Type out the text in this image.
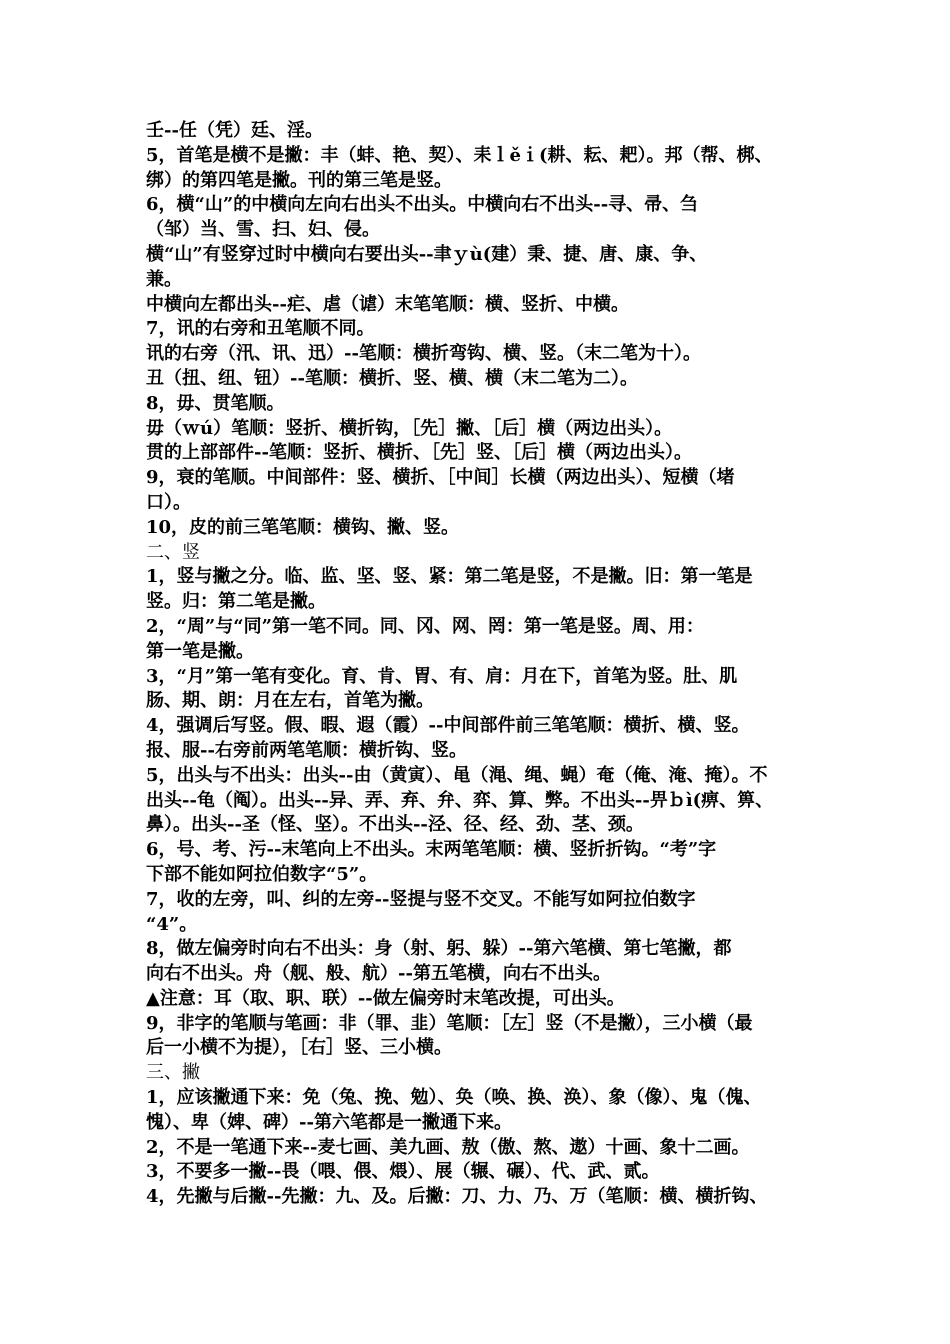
壬--任（凭）廷、淫。
5，首笔是横不是撇：丰（蚌、艳、契）、耒ｌěｉ(耕、耘、耙）。邦（帮、梆、
绑）的第四笔是撇。刊的第三笔是竖。
6，横“山”的中横向左向右出头不出头。中横向右不出头--寻、帚、刍
（邹）当、雪、扫、妇、侵。
横“山”有竖穿过时中横向右要出头--聿ｙù(建）秉、捷、唐、康、争、
兼。
中横向左都出头--疟、虐（谑）末笔笔顺：横、竖折、中横。
7，讯的右旁和丑笔顺不同。
讯的右旁（汛、讯、迅）--笔顺：横折弯钩、横、竖。（末二笔为十）。
丑（扭、纽、钮）--笔顺：横折、竖、横、横（末二笔为二）。
8，毋、贯笔顺。
毋（ｗú）笔顺：竖折、横折钩，［先］撇、［后］横（两边出头）。
贯的上部部件--笔顺：竖折、横折、［先］竖、［后］横（两边出头）。
9，衰的笔顺。中间部件：竖、横折、［中间］长横（两边出头）、短横（堵
口）。
10，皮的前三笔笔顺：横钩、撇、竖。
二、竖
1，竖与撇之分。临、监、坚、竖、紧：第二笔是竖，不是撇。旧：第一笔是
竖。归：第二笔是撇。
2，“周”与“同”第一笔不同。同、冈、网、罔：第一笔是竖。周、用：
第一笔是撇。
3，“月”第一笔有变化。育、肯、胃、有、肩：月在下，首笔为竖。肚、肌
肠、期、朗：月在左右，首笔为撇。
4，强调后写竖。假、暇、遐（霞）--中间部件前三笔笔顺：横折、横、竖。
报、服--右旁前两笔笔顺：横折钩、竖。
5，出头与不出头：出头--由（黄寅）、黾（渑、绳、蝇）奄（俺、淹、掩）。不
出头--龟（阄）。出头--异、弄、弃、弁、弈、算、弊。不出头--畀ｂì(痹、箅、
鼻）。出头--圣（怪、坚）。不出头--泾、径、经、劲、茎、颈。
6，号、考、污--末笔向上不出头。末两笔笔顺：横、竖折折钩。“考”字
下部不能如阿拉伯数字“5”。
7，收的左旁，叫、纠的左旁--竖提与竖不交叉。不能写如阿拉伯数字
“4”。
8，做左偏旁时向右不出头：身（射、躬、躲）--第六笔横、第七笔撇，都
向右不出头。舟（舰、般、航）--第五笔横，向右不出头。
▲注意：耳（取、职、联）--做左偏旁时末笔改提，可出头。
9，非字的笔顺与笔画：非（罪、韭）笔顺：［左］竖（不是撇），三小横（最
后一小横不为提），［右］竖、三小横。
三、撇
1，应该撇通下来：免（兔、挽、勉）、奂（唤、换、涣）、象（像）、鬼（傀、
愧）、卑（婢、碑）--第六笔都是一撇通下来。
2，不是一笔通下来--麦七画、美九画、敖（傲、熬、遨）十画、象十二画。
3，不要多一撇--畏（喂、偎、煨）、展（辗、碾）、代、武、贰。
4，先撇与后撇--先撇：九、及。后撇：刀、力、乃、万（笔顺：横、横折钩、
